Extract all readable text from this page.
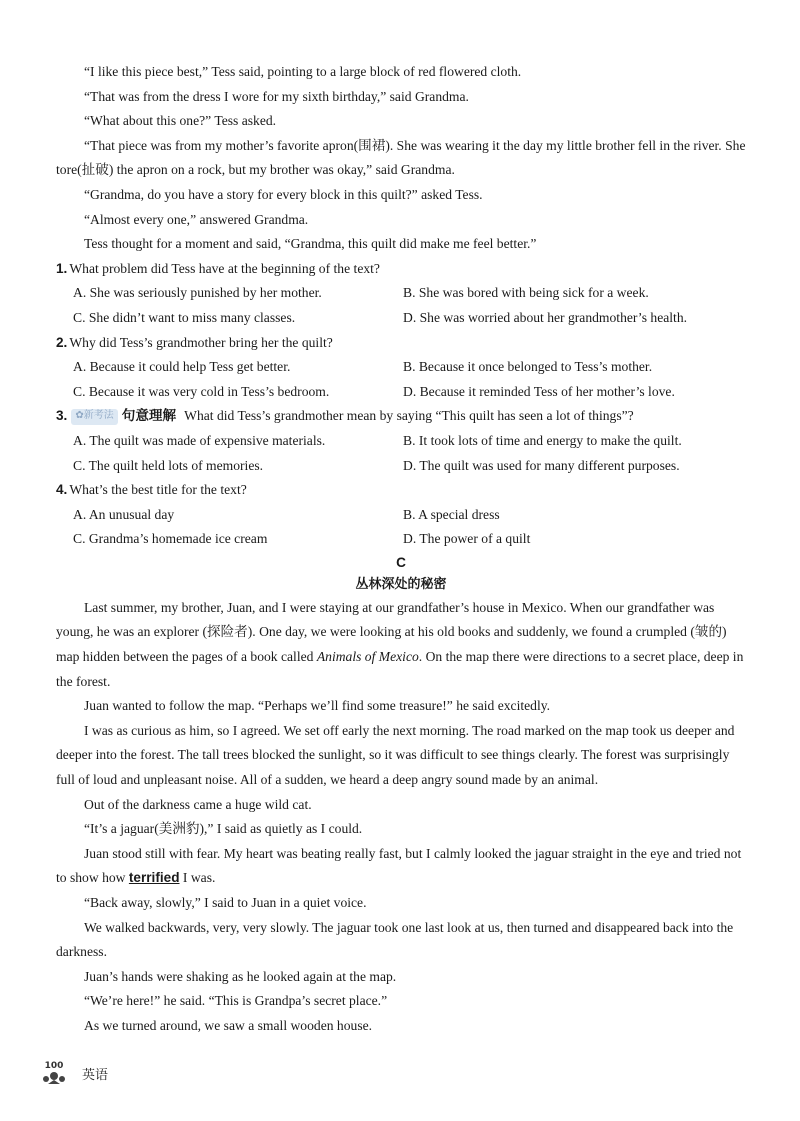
“I like this piece best,” Tess said, pointing to a large block of red flowered cloth.

“That was from the dress I wore for my sixth birthday,” said Grandma.

“What about this one?” Tess asked.

“That piece was from my mother’s favorite apron(围裙). She was wearing it the day my little brother fell in the river. She tore(扯破) the apron on a rock, but my brother was okay,” said Grandma.

“Grandma, do you have a story for every block in this quilt?” asked Tess.

“Almost every one,” answered Grandma.

Tess thought for a moment and said, “Grandma, this quilt did make me feel better.”

1. What problem did Tess have at the beginning of the text?
A. She was seriously punished by her mother.	B. She was bored with being sick for a week.
C. She didn’t want to miss many classes.	D. She was worried about her grandmother’s health.
2. Why did Tess’s grandmother bring her the quilt?
A. Because it could help Tess get better.	B. Because it once belonged to Tess’s mother.
C. Because it was very cold in Tess’s bedroom.	D. Because it reminded Tess of her mother’s love.
3. ✿ 新考法 句意理解 What did Tess’s grandmother mean by saying “This quilt has seen a lot of things”?
A. The quilt was made of expensive materials.	B. It took lots of time and energy to make the quilt.
C. The quilt held lots of memories.	D. The quilt was used for many different purposes.
4. What’s the best title for the text?
A. An unusual day	B. A special dress
C. Grandma’s homemade ice cream	D. The power of a quilt
C
丛林深处的秘密

Last summer, my brother, Juan, and I were staying at our grandfather’s house in Mexico. When our grandfather was young, he was an explorer (探险者). One day, we were looking at his old books and suddenly, we found a crumpled (皱的) map hidden between the pages of a book called Animals of Mexico. On the map there were directions to a secret place, deep in the forest.

Juan wanted to follow the map. “Perhaps we’ll find some treasure!” he said excitedly.

I was as curious as him, so I agreed. We set off early the next morning. The road marked on the map took us deeper and deeper into the forest. The tall trees blocked the sunlight, so it was difficult to see things clearly. The forest was surprisingly full of loud and unpleasant noise. All of a sudden, we heard a deep angry sound made by an animal.

Out of the darkness came a huge wild cat.

“It’s a jaguar(美洲豹),” I said as quietly as I could.

Juan stood still with fear. My heart was beating really fast, but I calmly looked the jaguar straight in the eye and tried not to show how terrified I was.

“Back away, slowly,” I said to Juan in a quiet voice.

We walked backwards, very, very slowly. The jaguar took one last look at us, then turned and disappeared back into the darkness.

Juan’s hands were shaking as he looked again at the map.

“We’re here!” he said. “This is Grandpa’s secret place.”

As we turned around, we saw a small wooden house.

100
英语
